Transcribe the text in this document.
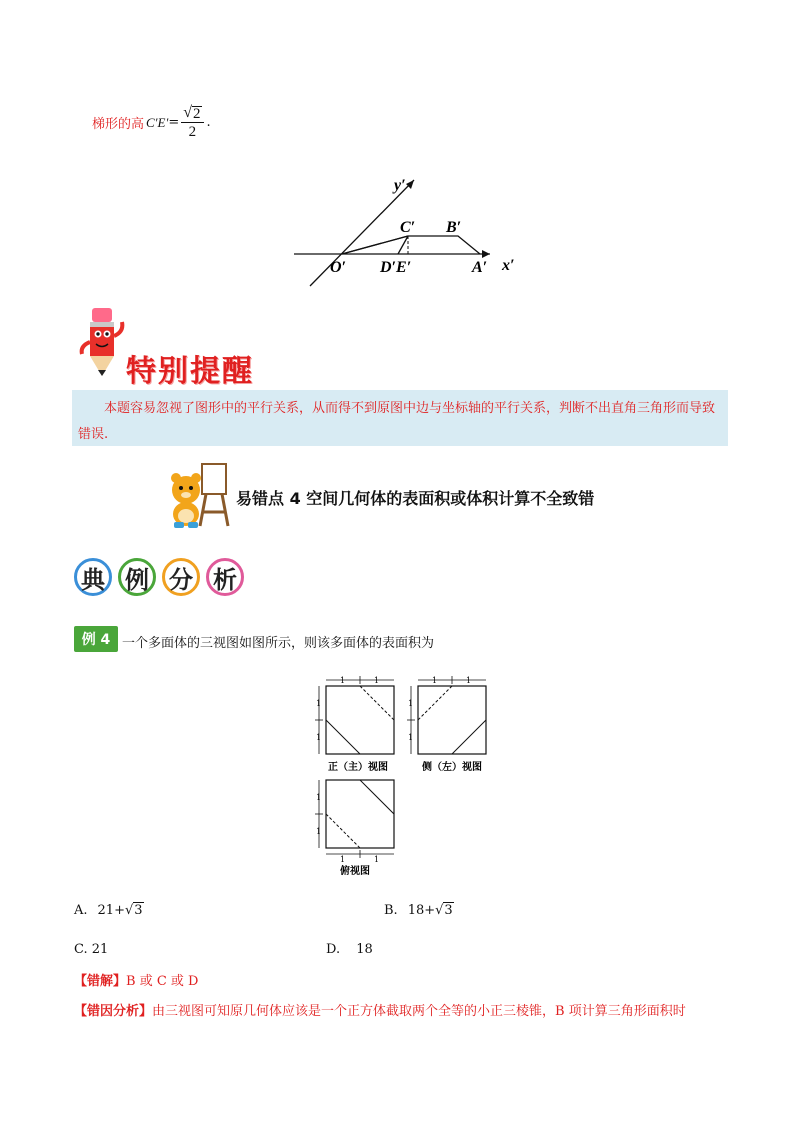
梯形的高 $C'E' = \frac{√ 2}{2}$ .
y′
x′
O′
C′ B′
D′E′	A′
特别提醒
本题容易忽视了图形中的平行关系，从而得不到原图中边与坐标轴的平行关系，判断不出直角三角形而导致错误.
易错点 4 空间几何体的表面积或体积计算不全致错
典 例 分 析
例 4 一个多面体的三视图如图所示，则该多面体的表面积为
1	1
1
1
1	1
1
1
正（主）视图	侧（左）视图
1	1
1
1
俯视图
A. 21+ √ 3	B. 18+ √ 3
C. 21	D. 18
【错解】B 或 C 或 D
【错因分析】由三视图可知原几何体应该是一个正方体截取两个全等的小正三棱锥，B 项计算三角形面积时
